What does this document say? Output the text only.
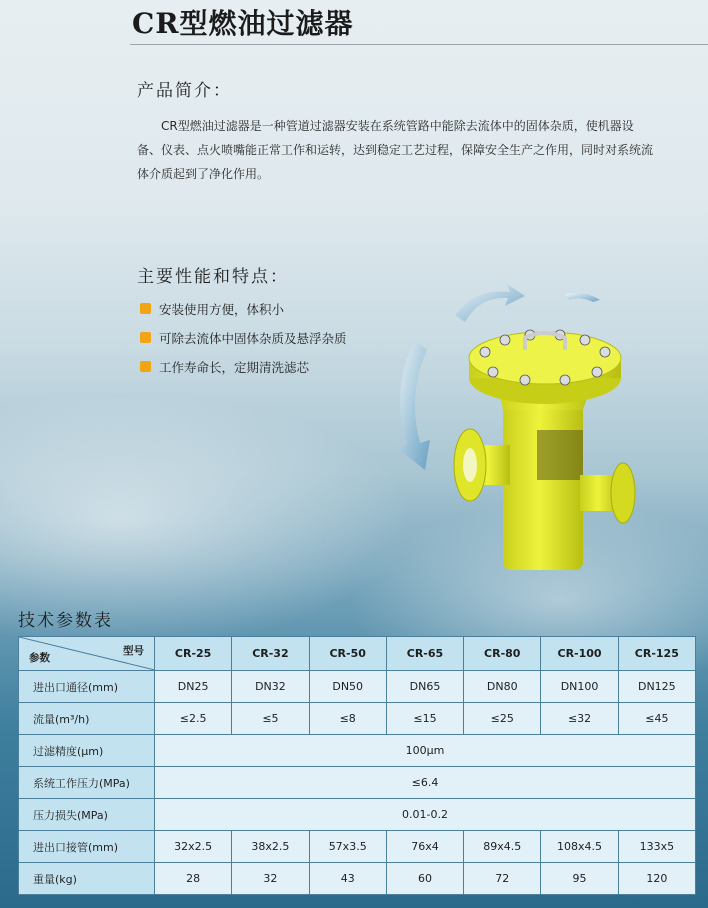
CR型燃油过滤器
产品简介：
CR型燃油过滤器是一种管道过滤器安装在系统管路中能除去流体中的固体杂质，使机器设备、仪表、点火喷嘴能正常工作和运转，达到稳定工艺过程，保障安全生产之作用，同时对系统流体介质起到了净化作用。
主要性能和特点：
安装使用方便，体积小
可除去流体中固体杂质及悬浮杂质
工作寿命长，定期清洗滤芯
技术参数表
型号
参数	CR-25	CR-32	CR-50	CR-65	CR-80	CR-100	CR-125
进出口通径(mm)	DN25	DN32	DN50	DN65	DN80	DN100	DN125
流量(m³/h)	≤2.5	≤5	≤8	≤15	≤25	≤32	≤45
过滤精度(μm)	100μm						
系统工作压力(MPa)	≤6.4						
压力损失(MPa)	0.01-0.2						
进出口接管(mm)	32x2.5	38x2.5	57x3.5	76x4	89x4.5	108x4.5	133x5
重量(kg)	28	32	43	60	72	95	120
